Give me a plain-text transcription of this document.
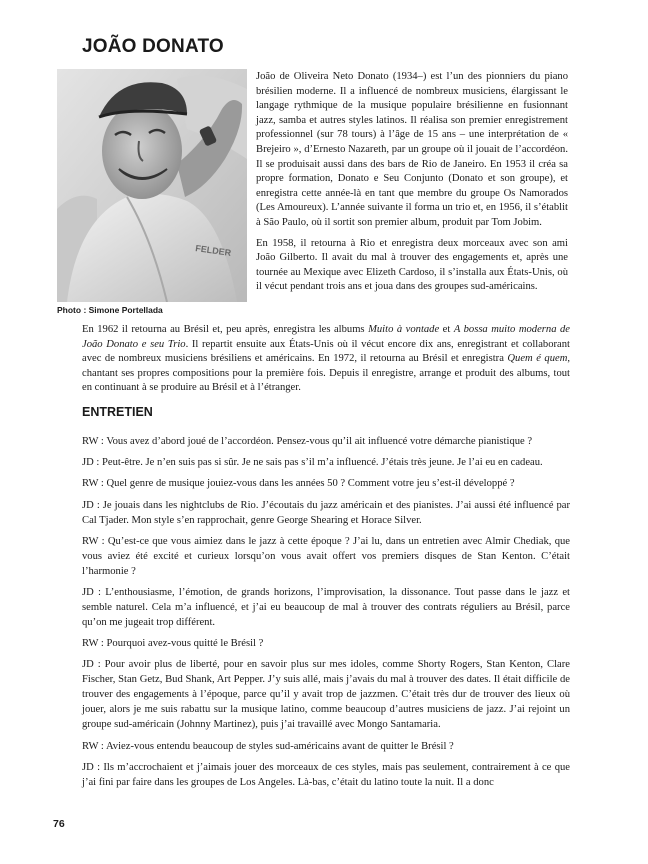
JOÃO DONATO
FELDER
Photo : Simone Portellada

João de Oliveira Neto Donato (1934–) est l’un des pionniers du piano brésilien moderne. Il a influencé de nombreux musiciens, élargissant le langage rythmique de la musique populaire brésilienne en fusionnant jazz, samba et autres styles latinos. Il réalisa son premier enregistrement professionnel (sur 78 tours) à l’âge de 15 ans – une interprétation de « Brejeiro », d’Ernesto Nazareth, par un groupe où il jouait de l’accordéon. Il se produisait aussi dans des bars de Rio de Janeiro. En 1953 il créa sa propre formation, Donato e Seu Conjunto (Donato et son groupe), et enregistra cette année-là en tant que membre du groupe Os Namorados (Les Amoureux). L’année suivante il forma un trio et, en 1956, il s’établit à São Paulo, où il sortit son premier album, produit par Tom Jobim.

En 1958, il retourna à Rio et enregistra deux morceaux avec son ami João Gilberto. Il avait du mal à trouver des engagements et, après une tournée au Mexique avec Elizeth Cardoso, il s’installa aux États-Unis, où il vécut pendant trois ans et joua dans des groupes sud-américains.

En 1962 il retourna au Brésil et, peu après, enregistra les albums Muito à vontade et A bossa muito moderna de João Donato e seu Trio. Il repartit ensuite aux États-Unis où il vécut encore dix ans, enregistrant et collaborant avec de nombreux musiciens brésiliens et américains. En 1972, il retourna au Brésil et enregistra Quem é quem, chantant ses propres compositions pour la première fois. Depuis il enregistre, arrange et produit des albums, tout en continuant à se produire au Brésil et à l’étranger.

ENTRETIEN

RW : Vous avez d’abord joué de l’accordéon. Pensez-vous qu’il ait influencé votre démarche pianistique ?

JD : Peut-être. Je n’en suis pas si sûr. Je ne sais pas s’il m’a influencé. J’étais très jeune. Je l’ai eu en cadeau.

RW : Quel genre de musique jouiez-vous dans les années 50 ? Comment votre jeu s’est-il développé ?

JD : Je jouais dans les nightclubs de Rio. J’écoutais du jazz américain et des pianistes. J’ai aussi été influencé par Cal Tjader. Mon style s’en rapprochait, genre George Shearing et Horace Silver.

RW : Qu’est-ce que vous aimiez dans le jazz à cette époque ? J’ai lu, dans un entretien avec Almir Chediak, que vous aviez été excité et curieux lorsqu’on vous avait offert vos premiers disques de Stan Kenton. C’était l’harmonie ?

JD : L’enthousiasme, l’émotion, de grands horizons, l’improvisation, la dissonance. Tout passe dans le jazz et semble naturel. Cela m’a influencé, et j’ai eu beaucoup de mal à trouver des contrats réguliers au Brésil, parce qu’on me jugeait trop différent.

RW : Pourquoi avez-vous quitté le Brésil ?

JD : Pour avoir plus de liberté, pour en savoir plus sur mes idoles, comme Shorty Rogers, Stan Kenton, Clare Fischer, Stan Getz, Bud Shank, Art Pepper. J’y suis allé, mais j’avais du mal à trouver des dates. Il était difficile de trouver des engagements à l’époque, parce qu’il y avait trop de jazzmen. C’était très dur de trouver des lieux où jouer, alors je me suis rabattu sur la musique latino, comme beaucoup d’autres musiciens de jazz. J’ai rejoint un groupe sud-américain (Johnny Martinez), puis j’ai travaillé avec Mongo Santamaria.

RW : Aviez-vous entendu beaucoup de styles sud-américains avant de quitter le Brésil ?

JD : Ils m’accrochaient et j’aimais jouer des morceaux de ces styles, mais pas seulement, contrairement à ce que j’ai fini par faire dans les groupes de Los Angeles. Là-bas, c’était du latino toute la nuit. Il a donc

76
